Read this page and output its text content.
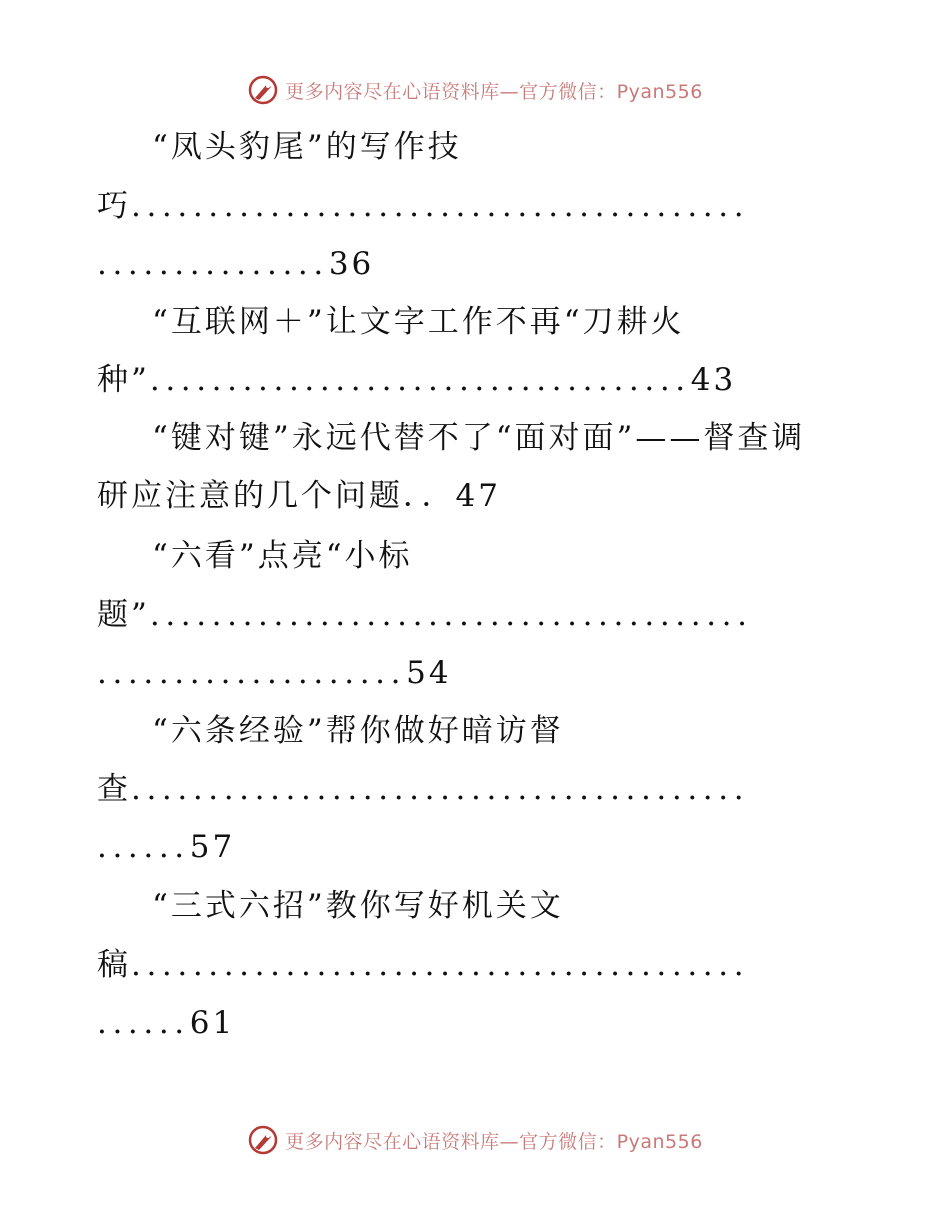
更多内容尽在心语资料库—官方微信：Pyan556
“凤头豹尾”的写作技
巧........................................
...............36
“互联网＋”让文字工作不再“刀耕火
种”...................................43
“键对键”永远代替不了“面对面”——督查调
研应注意的几个问题．．47
“六看”点亮“小标
题”.......................................
....................54
“六条经验”帮你做好暗访督
查........................................
......57
“三式六招”教你写好机关文
稿........................................
......61
更多内容尽在心语资料库—官方微信：Pyan556
